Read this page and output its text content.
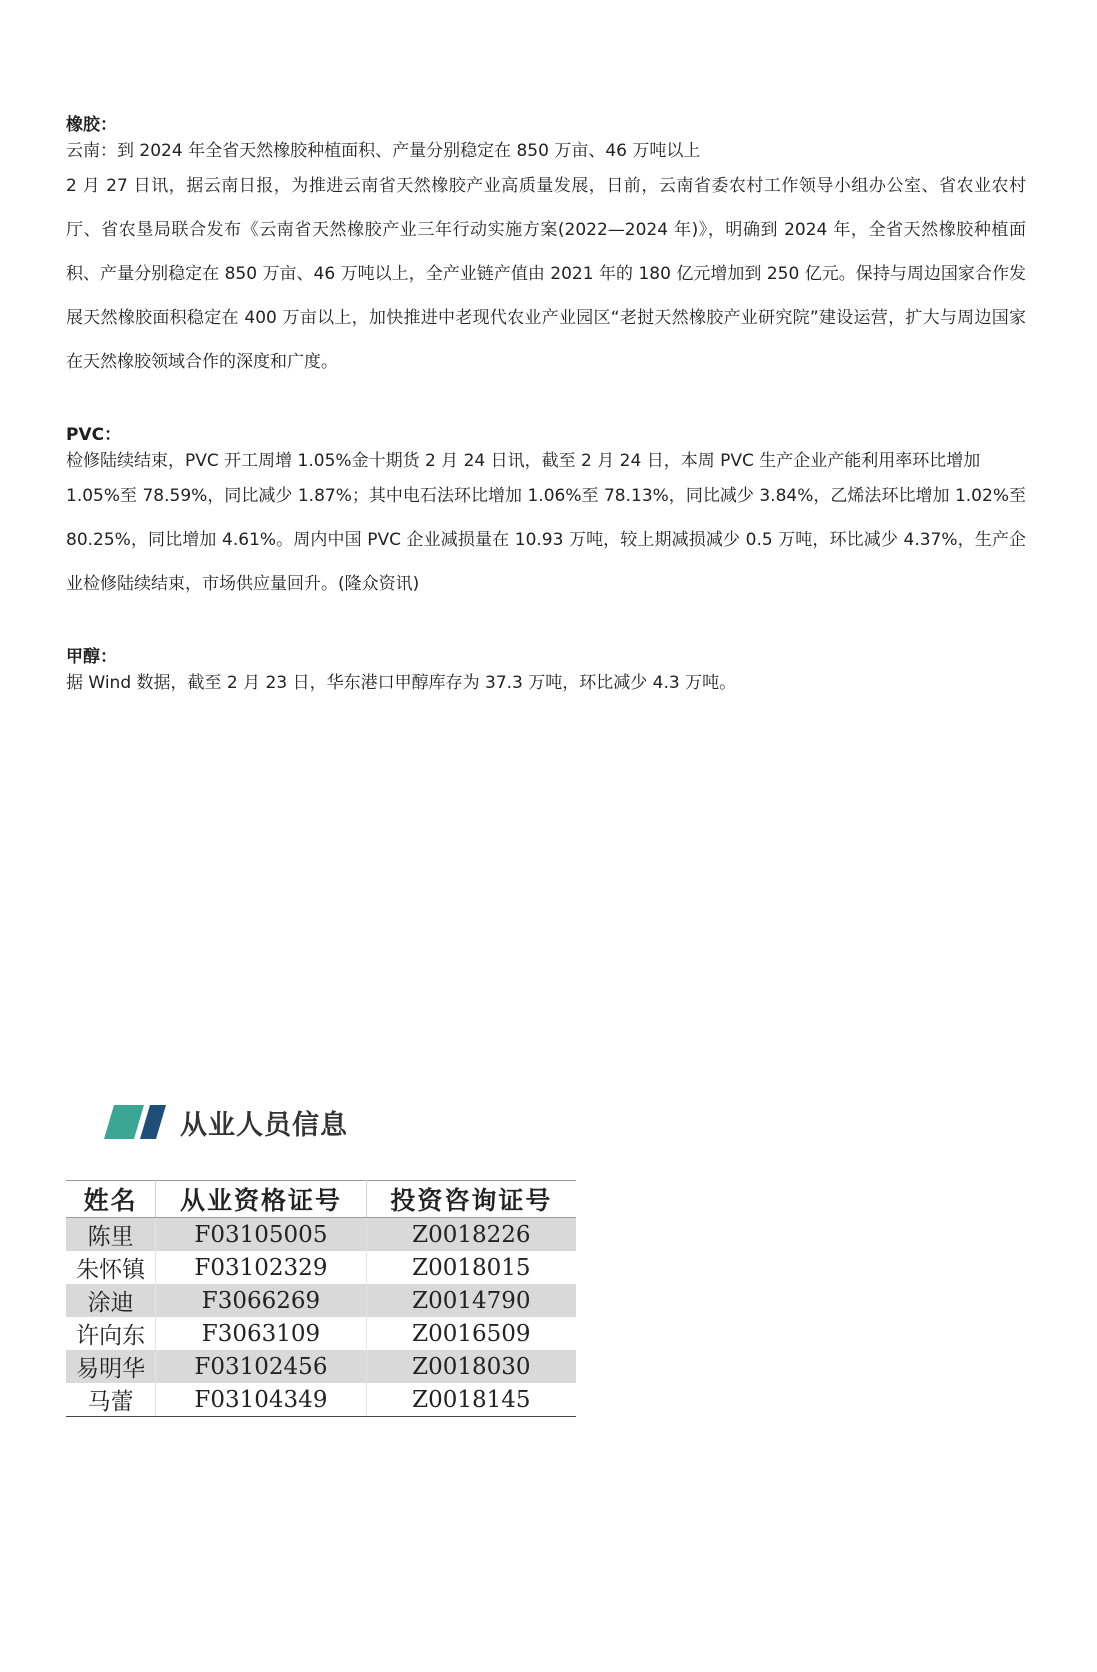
橡胶：
云南：到 2024 年全省天然橡胶种植面积、产量分别稳定在 850 万亩、46 万吨以上

2 月 27 日讯，据云南日报，为推进云南省天然橡胶产业高质量发展，日前，云南省委农村工作领导小组办公室、省农业农村厅、省农垦局联合发布《云南省天然橡胶产业三年行动实施方案(2022—2024 年)》，明确到 2024 年，全省天然橡胶种植面积、产量分别稳定在 850 万亩、46 万吨以上，全产业链产值由 2021 年的 180 亿元增加到 250 亿元。保持与周边国家合作发展天然橡胶面积稳定在 400 万亩以上，加快推进中老现代农业产业园区“老挝天然橡胶产业研究院”建设运营，扩大与周边国家在天然橡胶领域合作的深度和广度。

PVC：
检修陆续结束，PVC 开工周增 1.05%金十期货 2 月 24 日讯，截至 2 月 24 日，本周 PVC 生产企业产能利用率环比增加

1.05%至 78.59%，同比减少 1.87%；其中电石法环比增加 1.06%至 78.13%，同比减少 3.84%，乙烯法环比增加 1.02%至 80.25%，同比增加 4.61%。周内中国 PVC 企业减损量在 10.93 万吨，较上期减损减少 0.5 万吨，环比减少 4.37%，生产企业检修陆续结束，市场供应量回升。(隆众资讯)

甲醇：
据 Wind 数据，截至 2 月 23 日，华东港口甲醇库存为 37.3 万吨，环比减少 4.3 万吨。
从业人员信息
姓名	从业资格证号	投资咨询证号
陈里	F03105005	Z0018226
朱怀镇	F03102329	Z0018015
涂迪	F3066269	Z0014790
许向东	F3063109	Z0016509
易明华	F03102456	Z0018030
马蕾	F03104349	Z0018145
